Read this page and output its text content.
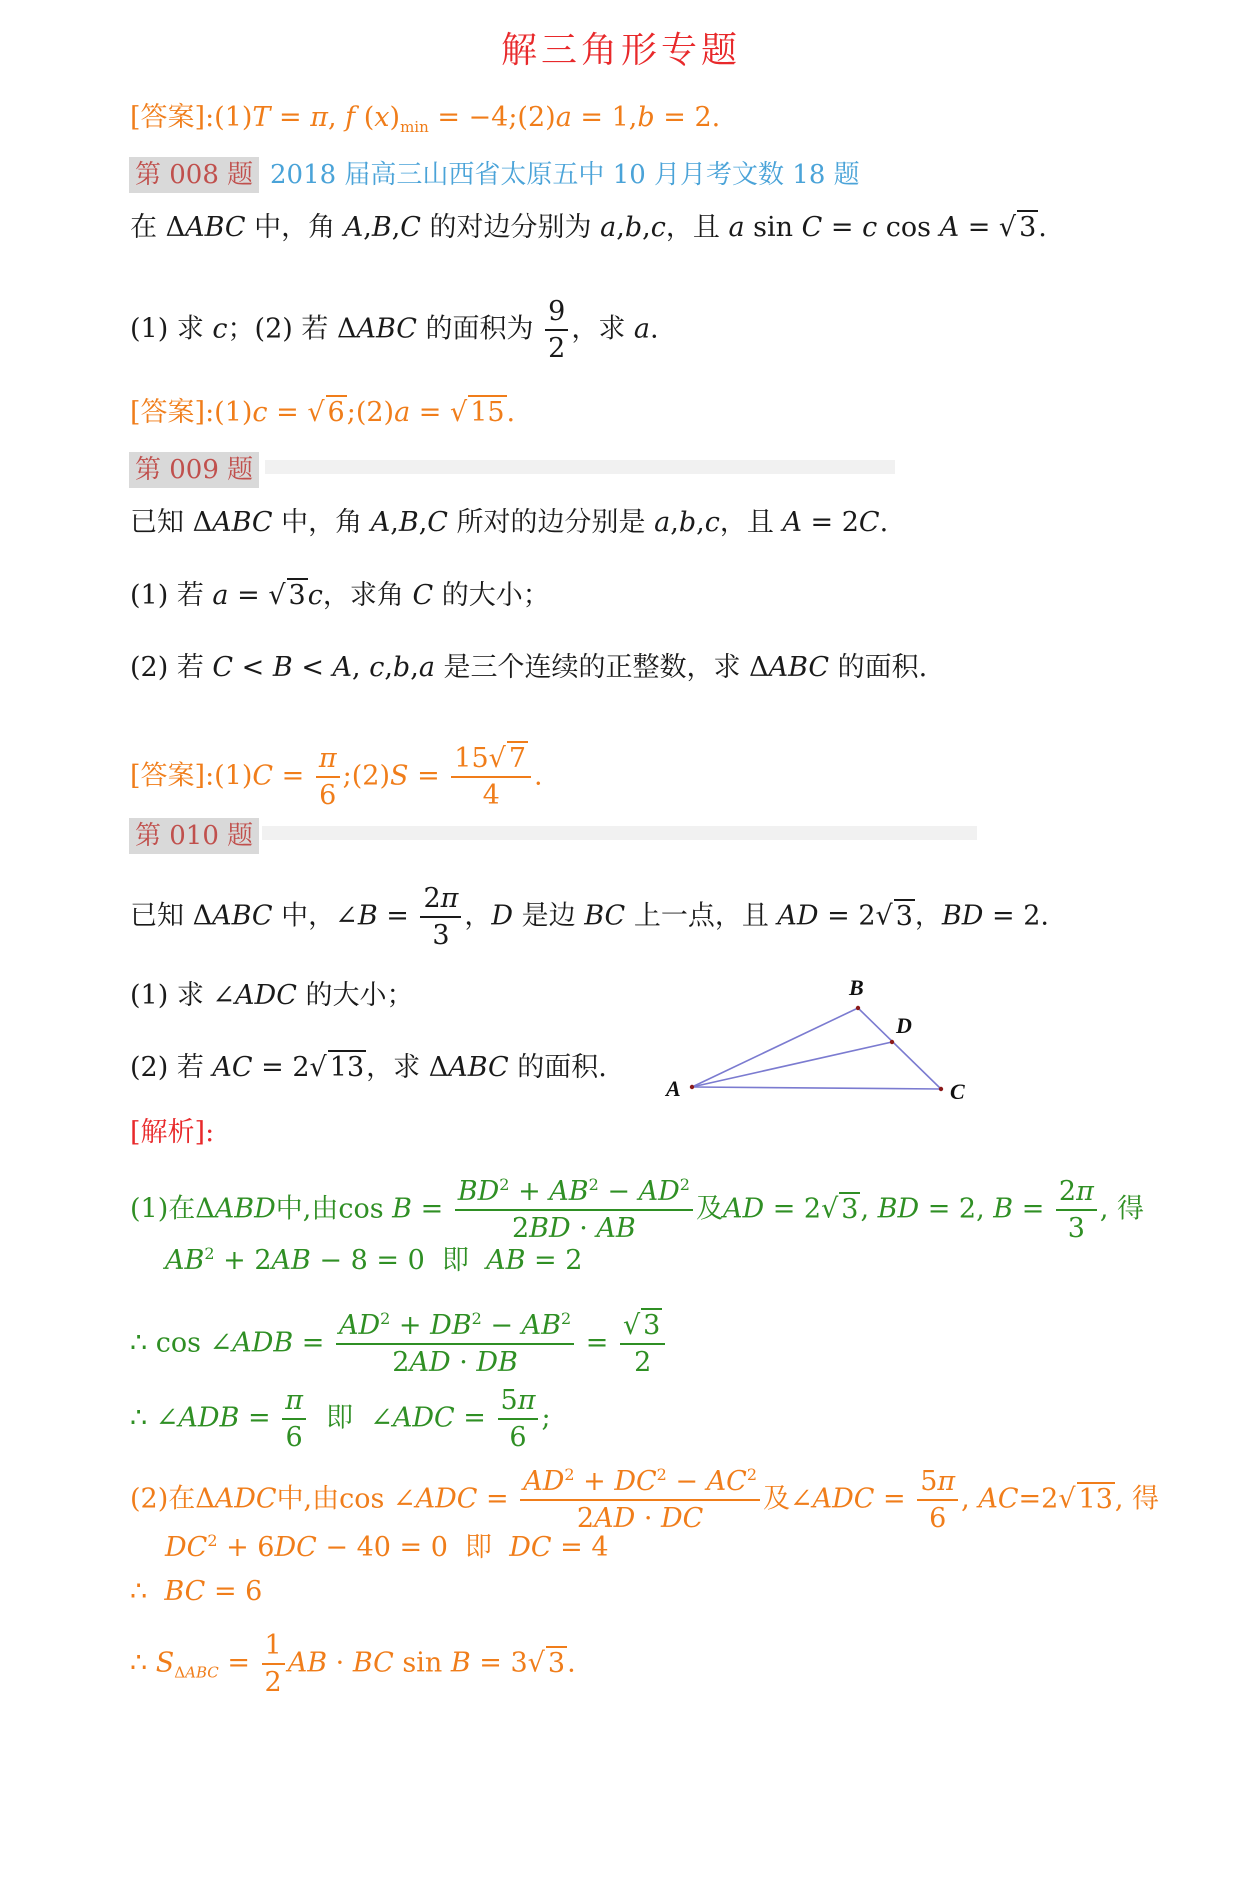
解三角形专题
[答案]:(1)T = π, f $(x)_{min}$ = −4;(2)a = 1,b = 2.
第 008 题 2018 届高三山西省太原五中 10 月月考文数 18 题
在 ΔABC 中，角 A,B,C 的对边分别为 a,b,c，且 a sin C = c cos A = √ 3.
(1) 求 c；(2) 若 ΔABC 的面积为 $\frac{9}{2}$ ，求 a.
[答案]:(1)c = √ 6;(2)a = √ 15.
第 009 题
已知 ΔABC 中，角 A,B,C 所对的边分别是 a,b,c，且 A = 2C.
(1) 若 a = √ 3c，求角 C 的大小；
(2) 若 C < B < A, c,b,a 是三个连续的正整数，求 ΔABC 的面积.
[答案]:(1)C = $\frac{\pi}{6}$ ;(2)S = $\frac{15√ 7}{4}$ .
第 010 题
已知 ΔABC 中，∠B = $\frac{2\pi}{3}$ ，D 是边 BC 上一点，且 AD = 2√ 3，BD = 2.
(1) 求 ∠ADC 的大小；
(2) 若 AC = 2√ 13，求 ΔABC 的面积.
A
B
D
C
[解析]:
(1)在ΔABD中,由$\cos B = \frac{BD^2 + AB^2 - AD^2}{2BD \cdot AB}$ 及AD = 2√ 3, BD = 2, $B = \frac{2\pi}{3}$ , 得
$AB^2 + 2AB - 8 = 0$  即  AB = 2
∴ cos ∠ADB = $\frac{AD^2 + DB^2 - AB^2}{2AD \cdot DB} = \frac{√ 3}{2}$
∴ ∠ADB = $\frac{\pi}{6}$ 即  ∠ADC = $\frac{5\pi}{6}$ ;
(2)在ΔADC中,由cos ∠ADC = $\frac{AD^2 + DC^2 - AC^2}{2AD \cdot DC}$ 及∠ADC = $\frac{5\pi}{6}$ , AC=2√ 13, 得
$DC^2 + 6DC - 40 = 0$  即  DC = 4
∴  BC = 6
∴ $S_{\Delta ABC} = \frac{1}{2}$ AB · BC sin B = 3√ 3.
